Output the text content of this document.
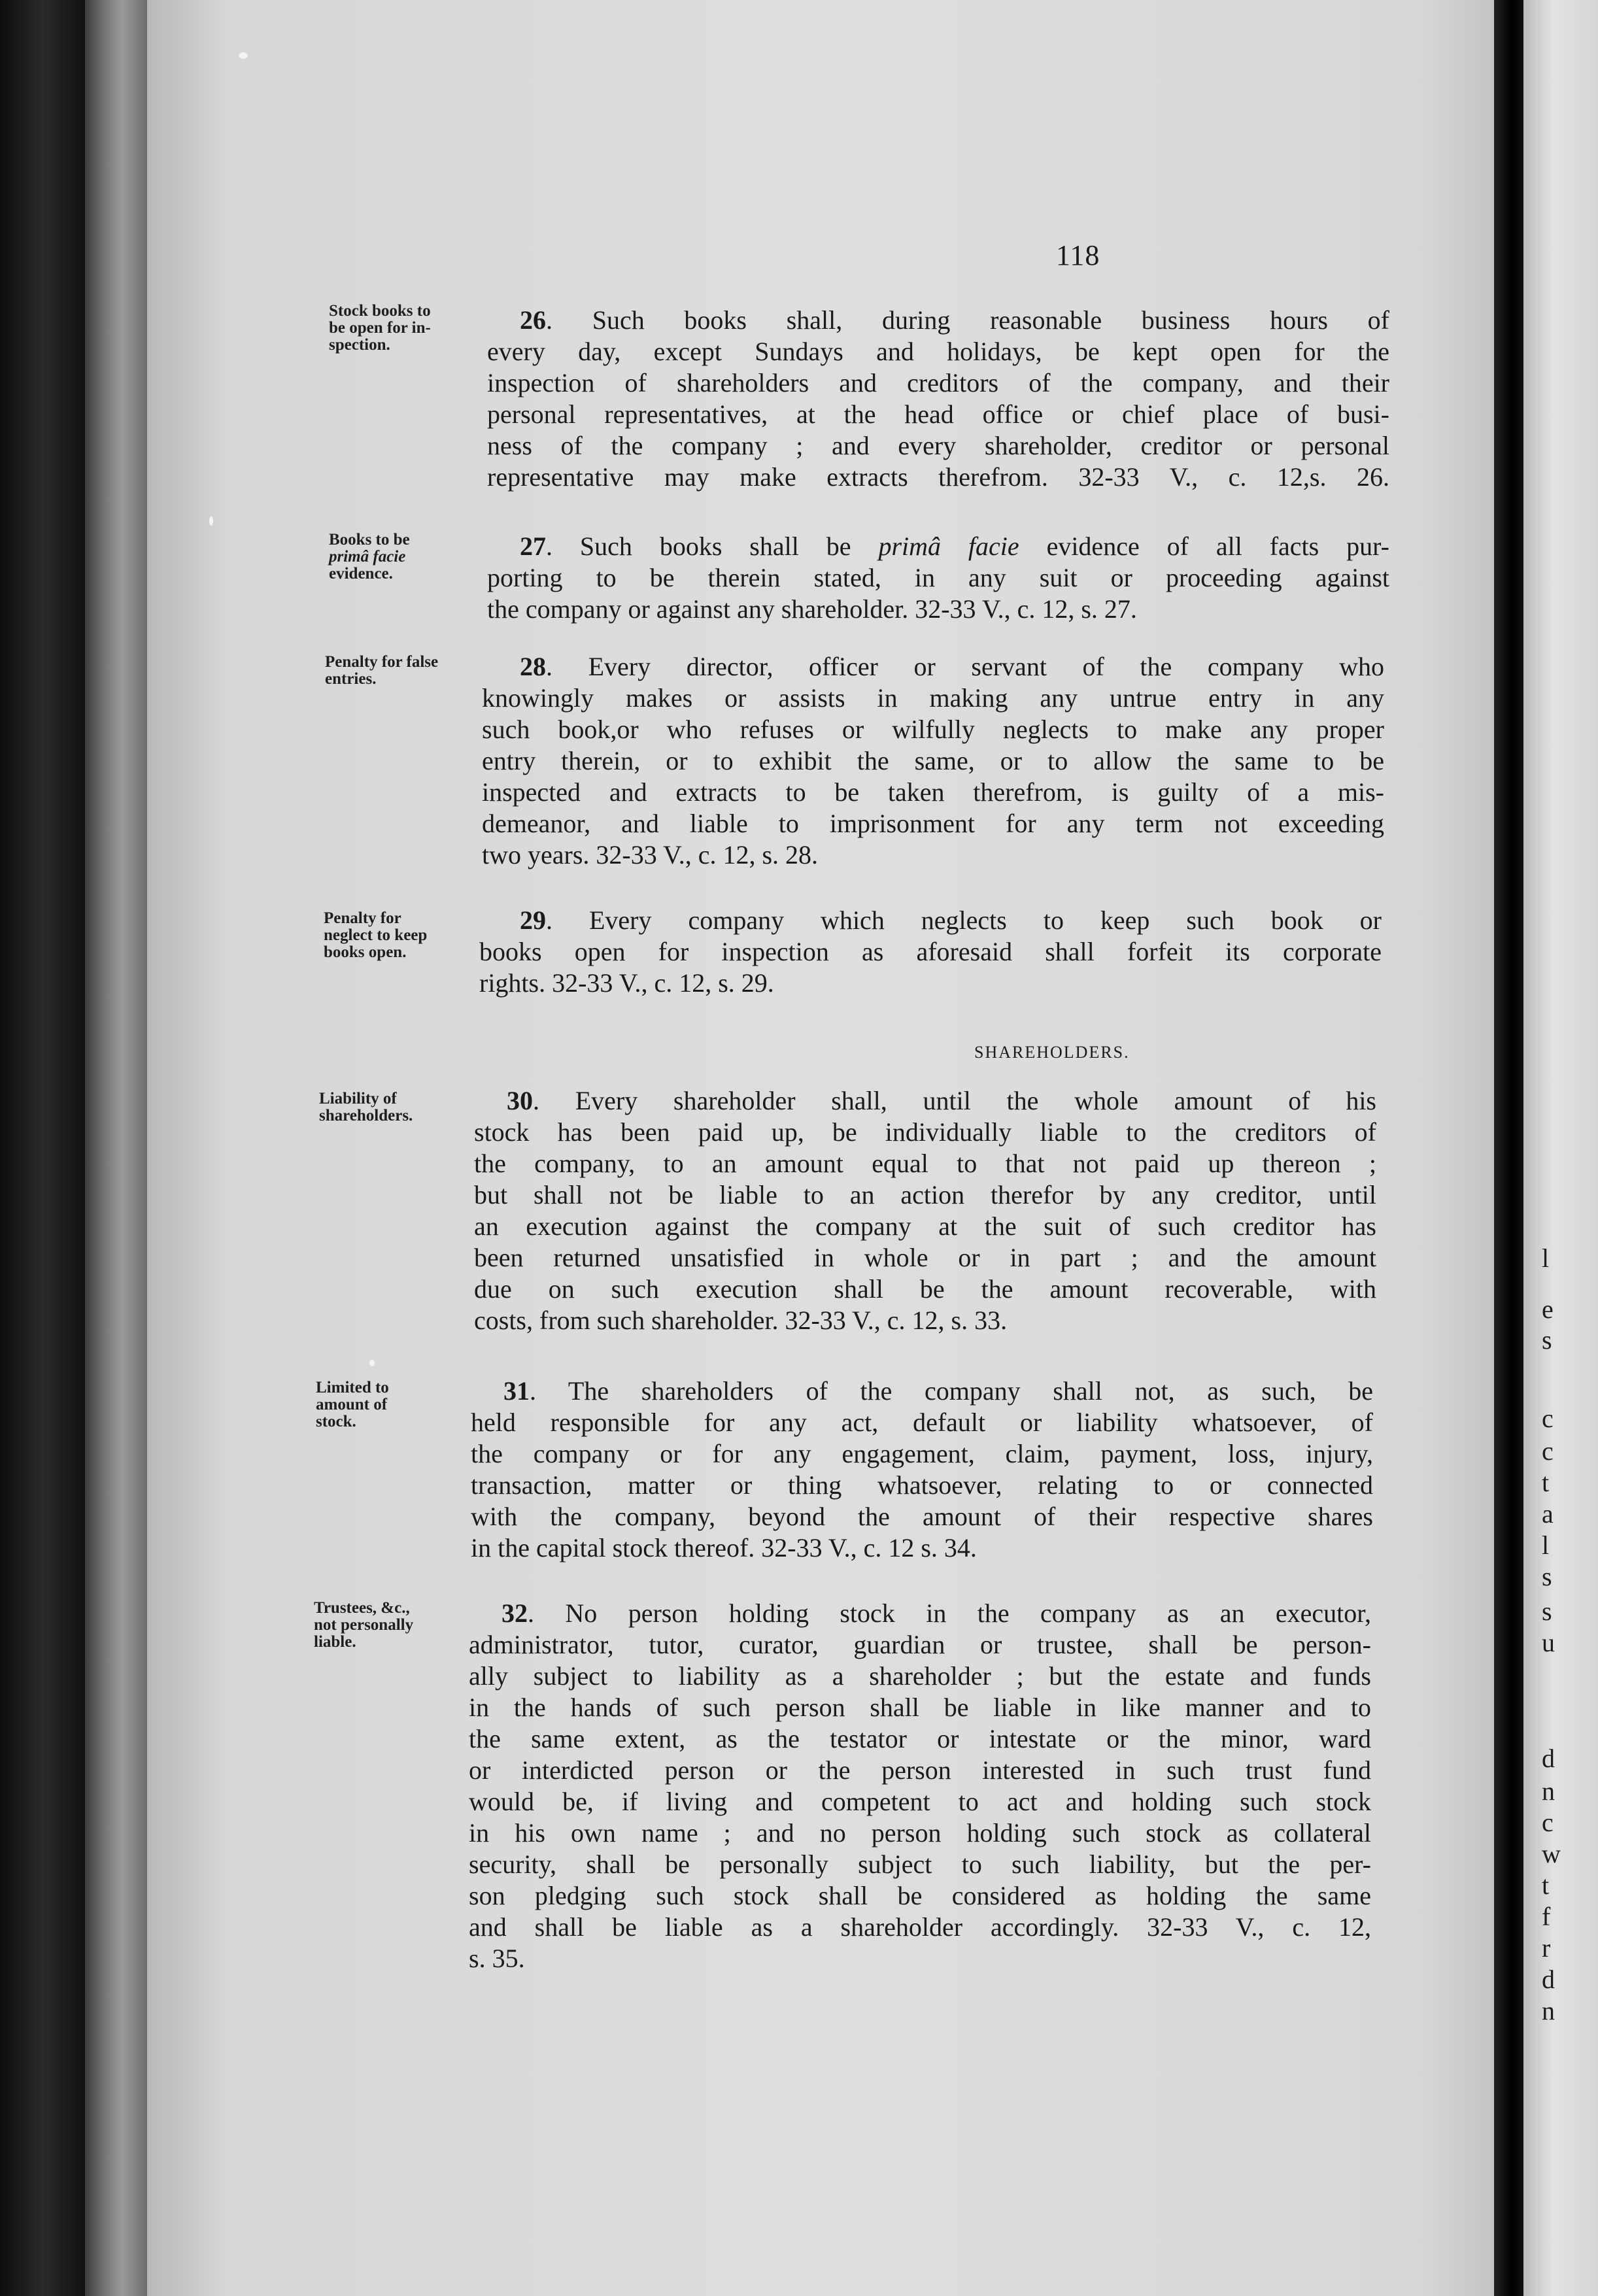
118
Stock books to
be open for in-
spection.
26. Such books shall, during reasonable business hours of
every day, except Sundays and holidays, be kept open for the
inspection of shareholders and creditors of the company, and their
personal representatives, at the head office or chief place of busi-
ness of the company ; and every shareholder, creditor or personal
representative may make extracts therefrom. 32-33 V., c. 12,s. 26.
Books to be
primâ facie
evidence.
27. Such books shall be primâ facie evidence of all facts pur-
porting to be therein stated, in any suit or proceeding against
the company or against any shareholder. 32-33 V., c. 12, s. 27.
Penalty for false
entries.	28. Every director, officer or servant of the company who
knowingly makes or assists in making any untrue entry in any
such book,or who refuses or wilfully neglects to make any proper
entry therein, or to exhibit the same, or to allow the same to be
inspected and extracts to be taken therefrom, is guilty of a mis-
demeanor, and liable to imprisonment for any term not exceeding
two years. 32-33 V., c. 12, s. 28.
Penalty for
neglect to keep
books open.
29. Every company which neglects to keep such book or
books open for inspection as aforesaid shall forfeit its corporate
rights. 32-33 V., c. 12, s. 29.
SHAREHOLDERS.
Liability of
shareholders.
30. Every shareholder shall, until the whole amount of his
stock has been paid up, be individually liable to the creditors of
the company, to an amount equal to that not paid up thereon ;
but shall not be liable to an action therefor by any creditor, until
an execution against the company at the suit of such creditor has
been returned unsatisfied in whole or in part ; and the amount
due on such execution shall be the amount recoverable, with
costs, from such shareholder. 32-33 V., c. 12, s. 33.
Limited to
amount of
stock.
31. The shareholders of the company shall not, as such, be
held responsible for any act, default or liability whatsoever, of
the company or for any engagement, claim, payment, loss, injury,
transaction, matter or thing whatsoever, relating to or connected
with the company, beyond the amount of their respective shares
in the capital stock thereof. 32-33 V., c. 12 s. 34.
Trustees, &c.,
not personally
liable.
32. No person holding stock in the company as an executor,
administrator, tutor, curator, guardian or trustee, shall be person-
ally subject to liability as a shareholder ; but the estate and funds
in the hands of such person shall be liable in like manner and to
the same extent, as the testator or intestate or the minor, ward
or interdicted person or the person interested in such trust fund
would be, if living and competent to act and holding such stock
in his own name ; and no person holding such stock as collateral
security, shall be personally subject to such liability, but the per-
son pledging such stock shall be considered as holding the same
and shall be liable as a shareholder accordingly. 32-33 V., c. 12,
s. 35.
l
e
s
c
c
t
a
l
s
s
u
d
n
c
w
t
f
r
d
n
